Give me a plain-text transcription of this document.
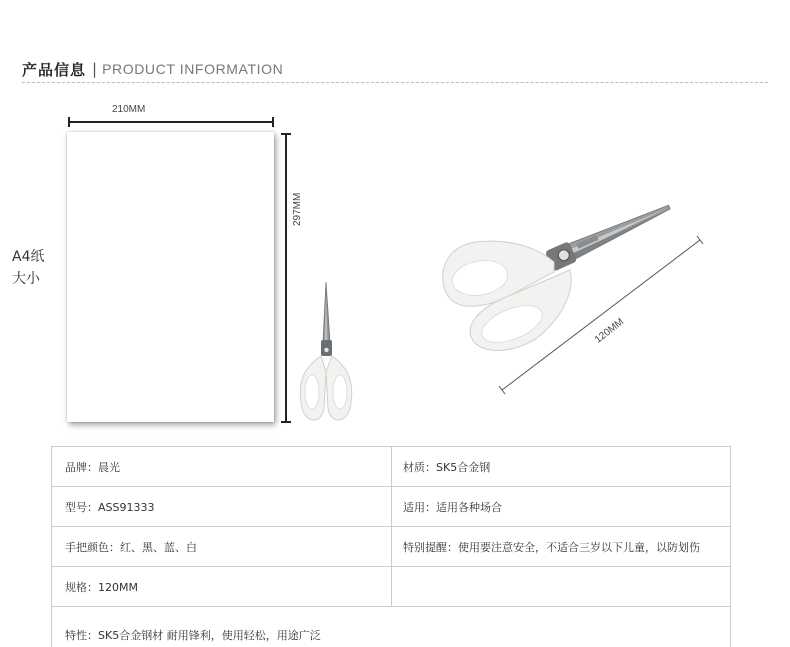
产品信息 | PRODUCT INFORMATION
A4纸
大小
210MM
297MM
120MM
品牌：晨光	材质：SK5合金钢
型号：ASS91333	适用：适用各种场合
手把颜色：红、黑、蓝、白	特别提醒：使用要注意安全，不适合三岁以下儿童，以防划伤
规格：120MM	
特性：SK5合金钢材 耐用锋利，使用轻松，用途广泛	
